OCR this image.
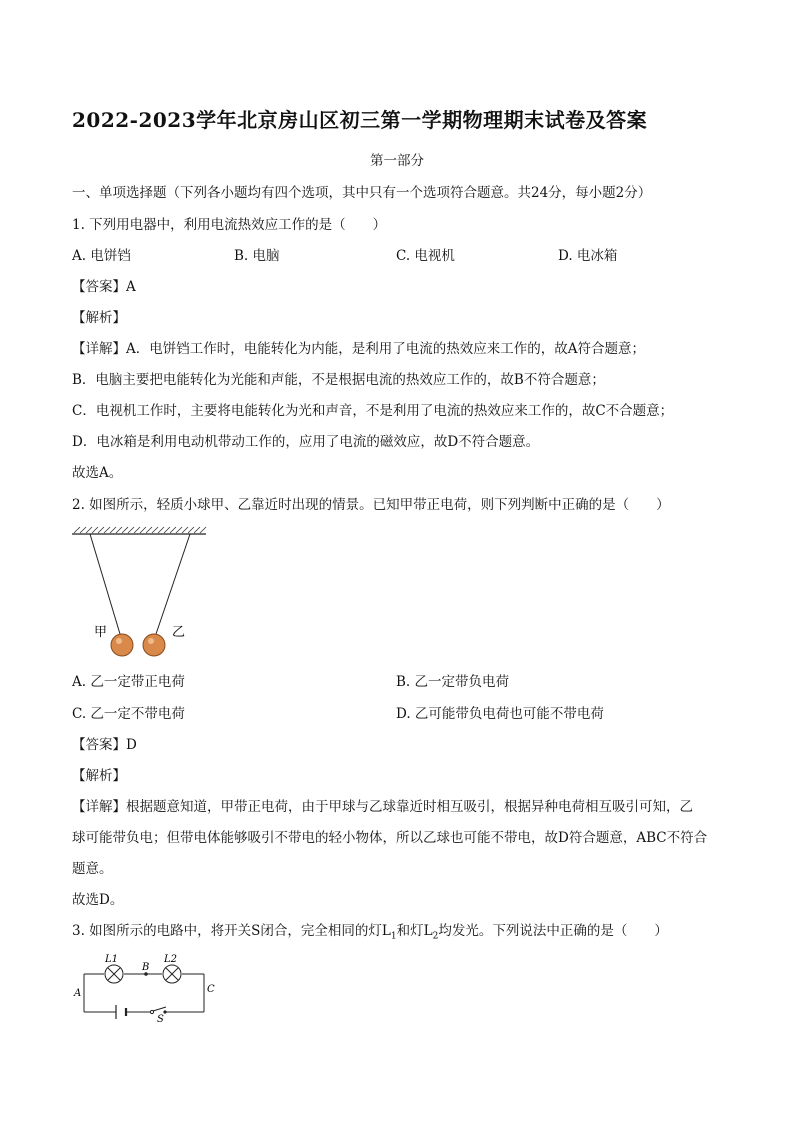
2022-2023学年北京房山区初三第一学期物理期末试卷及答案
第一部分
一、单项选择题（下列各小题均有四个选项，其中只有一个选项符合题意。共24分，每小题2分）
1. 下列用电器中，利用电流热效应工作的是（　　）
A. 电饼铛	B. 电脑	C. 电视机	D. 电冰箱
【答案】A
【解析】
【详解】A．电饼铛工作时，电能转化为内能，是利用了电流的热效应来工作的，故A符合题意；
B．电脑主要把电能转化为光能和声能，不是根据电流的热效应工作的，故B不符合题意；
C．电视机工作时，主要将电能转化为光和声音，不是利用了电流的热效应来工作的，故C不合题意；
D．电冰箱是利用电动机带动工作的，应用了电流的磁效应，故D不符合题意。
故选A。
2. 如图所示，轻质小球甲、乙靠近时出现的情景。已知甲带正电荷，则下列判断中正确的是（　　）
甲	乙
A. 乙一定带正电荷	B. 乙一定带负电荷
C. 乙一定不带电荷	D. 乙可能带负电荷也可能不带电荷
【答案】D
【解析】
【详解】根据题意知道，甲带正电荷，由于甲球与乙球靠近时相互吸引，根据异种电荷相互吸引可知，乙
球可能带负电；但带电体能够吸引不带电的轻小物体，所以乙球也可能不带电，故D符合题意，ABC不符合
题意。
故选D。
3. 如图所示的电路中，将开关S闭合，完全相同的灯$L_1$和灯$L_2$均发光。下列说法中正确的是（　　）
L1	L2
B
A	C
S
